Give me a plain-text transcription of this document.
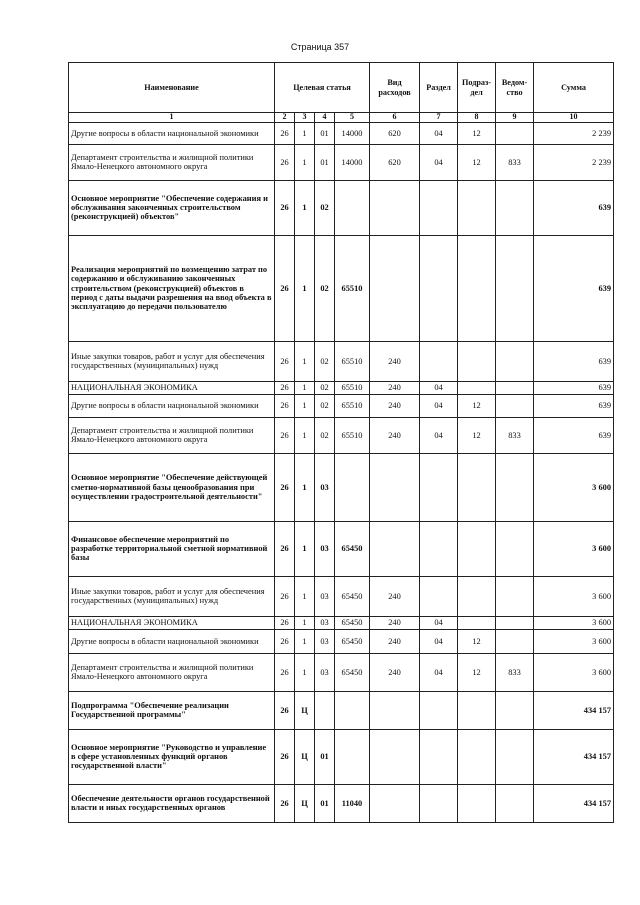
Страница 357
Наименование	Целевая статья				Вид расходов	Раздел	Подраз-дел	Ведом-ство	Сумма
1	2	3	4	5	6	7	8	9	10
Другие вопросы в области национальной экономики	26	1	01	14000	620	04	12		2 239
Департамент строительства и жилищной политики Ямало-Ненецкого автономного округа	26	1	01	14000	620	04	12	833	2 239
Основное мероприятие "Обеспечение содержания и обслуживания законченных строительством (реконструкцией) объектов"	26	1	02						639
Реализация мероприятий по возмещению затрат по содержанию и обслуживанию законченных строительством (реконструкцией) объектов в период с даты выдачи разрешения на ввод объекта в эксплуатацию до передачи пользователю	26	1	02	65510					639
Иные закупки товаров, работ и услуг для обеспечения государственных (муниципальных) нужд	26	1	02	65510	240				639
НАЦИОНАЛЬНАЯ ЭКОНОМИКА	26	1	02	65510	240	04			639
Другие вопросы в области национальной экономики	26	1	02	65510	240	04	12		639
Департамент строительства и жилищной политики Ямало-Ненецкого автономного округа	26	1	02	65510	240	04	12	833	639
Основное мероприятие "Обеспечение действующей сметно-нормативной базы ценообразования при осуществлении градостроительной деятельности"	26	1	03						3 600
Финансовое обеспечение мероприятий по разработке территориальной сметной нормативной базы	26	1	03	65450					3 600
Иные закупки товаров, работ и услуг для обеспечения государственных (муниципальных) нужд	26	1	03	65450	240				3 600
НАЦИОНАЛЬНАЯ ЭКОНОМИКА	26	1	03	65450	240	04			3 600
Другие вопросы в области национальной экономики	26	1	03	65450	240	04	12		3 600
Департамент строительства и жилищной политики Ямало-Ненецкого автономного округа	26	1	03	65450	240	04	12	833	3 600
Подпрограмма "Обеспечение реализации Государственной программы"	26	Ц							434 157
Основное мероприятие "Руководство и управление в сфере установленных функций органов государственной власти"	26	Ц	01						434 157
Обеспечение деятельности органов государственной власти и иных государственных органов	26	Ц	01	11040					434 157
